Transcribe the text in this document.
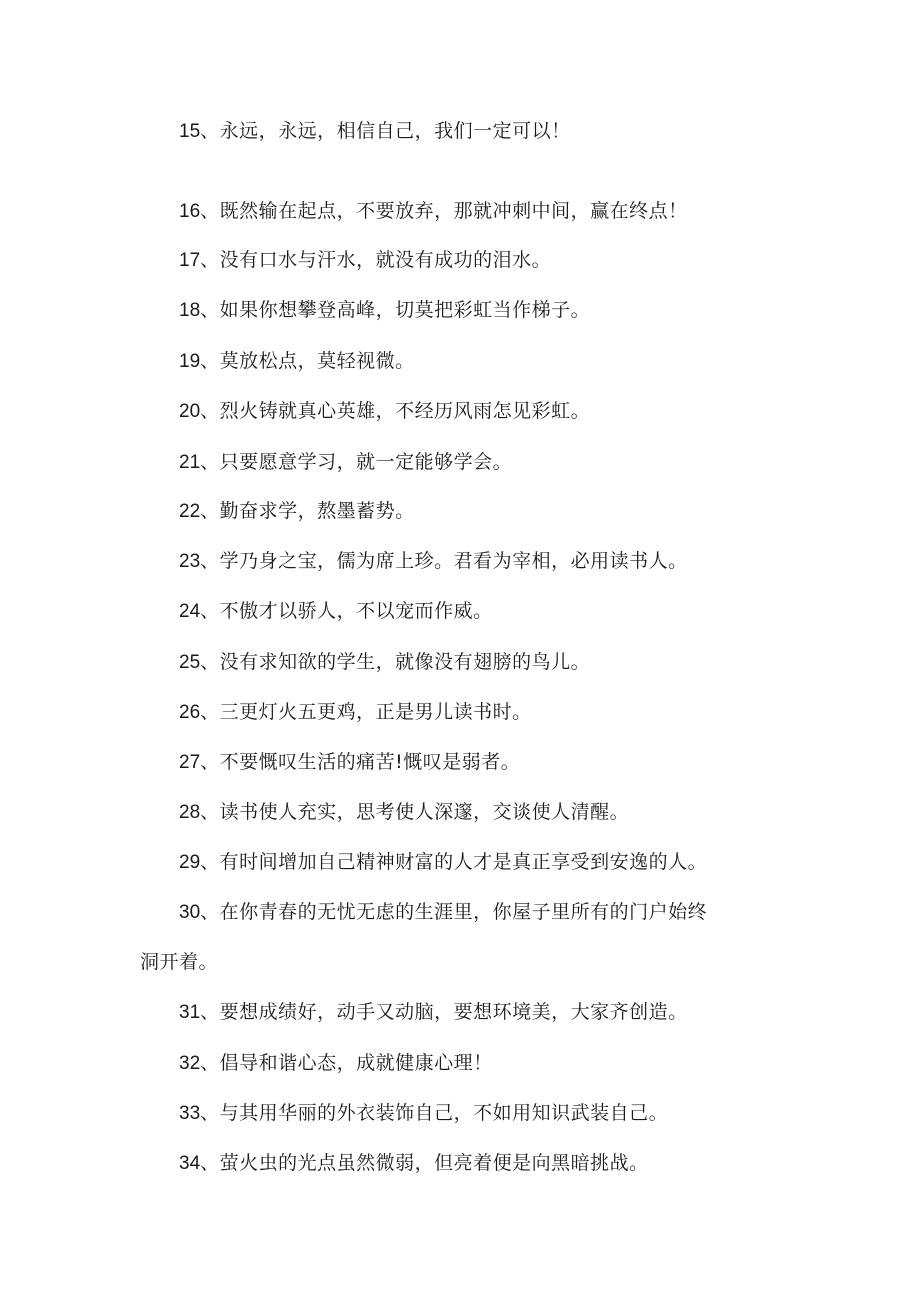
15、永远，永远，相信自己，我们一定可以！
16、既然输在起点，不要放弃，那就冲刺中间，赢在终点！
17、没有口水与汗水，就没有成功的泪水。
18、如果你想攀登高峰，切莫把彩虹当作梯子。
19、莫放松点，莫轻视微。
20、烈火铸就真心英雄，不经历风雨怎见彩虹。
21、只要愿意学习，就一定能够学会。
22、勤奋求学，熬墨蓄势。
23、学乃身之宝，儒为席上珍。君看为宰相，必用读书人。
24、不傲才以骄人，不以宠而作威。
25、没有求知欲的学生，就像没有翅膀的鸟儿。
26、三更灯火五更鸡，正是男儿读书时。
27、不要慨叹生活的痛苦!慨叹是弱者。
28、读书使人充实，思考使人深邃，交谈使人清醒。
29、有时间增加自己精神财富的人才是真正享受到安逸的人。
30、在你青春的无忧无虑的生涯里，你屋子里所有的门户始终
洞开着。
31、要想成绩好，动手又动脑，要想环境美，大家齐创造。
32、倡导和谐心态，成就健康心理！
33、与其用华丽的外衣装饰自己，不如用知识武装自己。
34、萤火虫的光点虽然微弱，但亮着便是向黑暗挑战。
